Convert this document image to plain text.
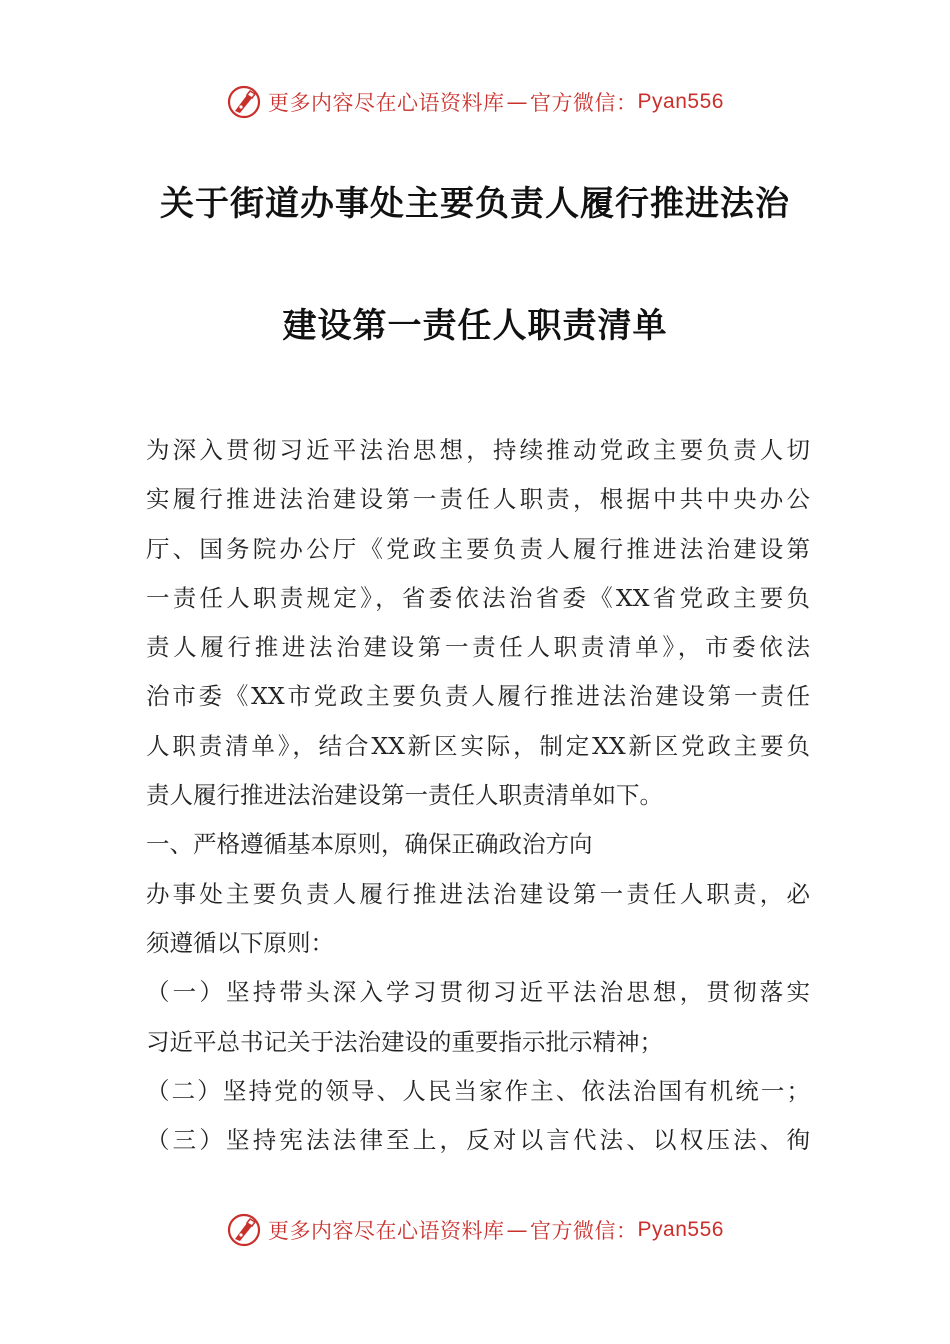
更多内容尽在心语资料库 — 官方微信： Pyan556
关于街道办事处主要负责人履行推进法治
建设第一责任人职责清单
为深入贯彻习近平法治思想，持续推动党政主要负责人切
实履行推进法治建设第一责任人职责，根据中共中央办公
厅、国务院办公厅《党政主要负责人履行推进法治建设第
一责任人职责规定》，省委依法治省委《XX省党政主要负
责人履行推进法治建设第一责任人职责清单》，市委依法
治市委《XX市党政主要负责人履行推进法治建设第一责任
人职责清单》，结合XX新区实际，制定XX新区党政主要负
责人履行推进法治建设第一责任人职责清单如下。
一、严格遵循基本原则，确保正确政治方向
办事处主要负责人履行推进法治建设第一责任人职责，必
须遵循以下原则：
（一）坚持带头深入学习贯彻习近平法治思想，贯彻落实
习近平总书记关于法治建设的重要指示批示精神；
（二）坚持党的领导、人民当家作主、依法治国有机统一；
（三）坚持宪法法律至上，反对以言代法、以权压法、徇
更多内容尽在心语资料库 — 官方微信： Pyan556
